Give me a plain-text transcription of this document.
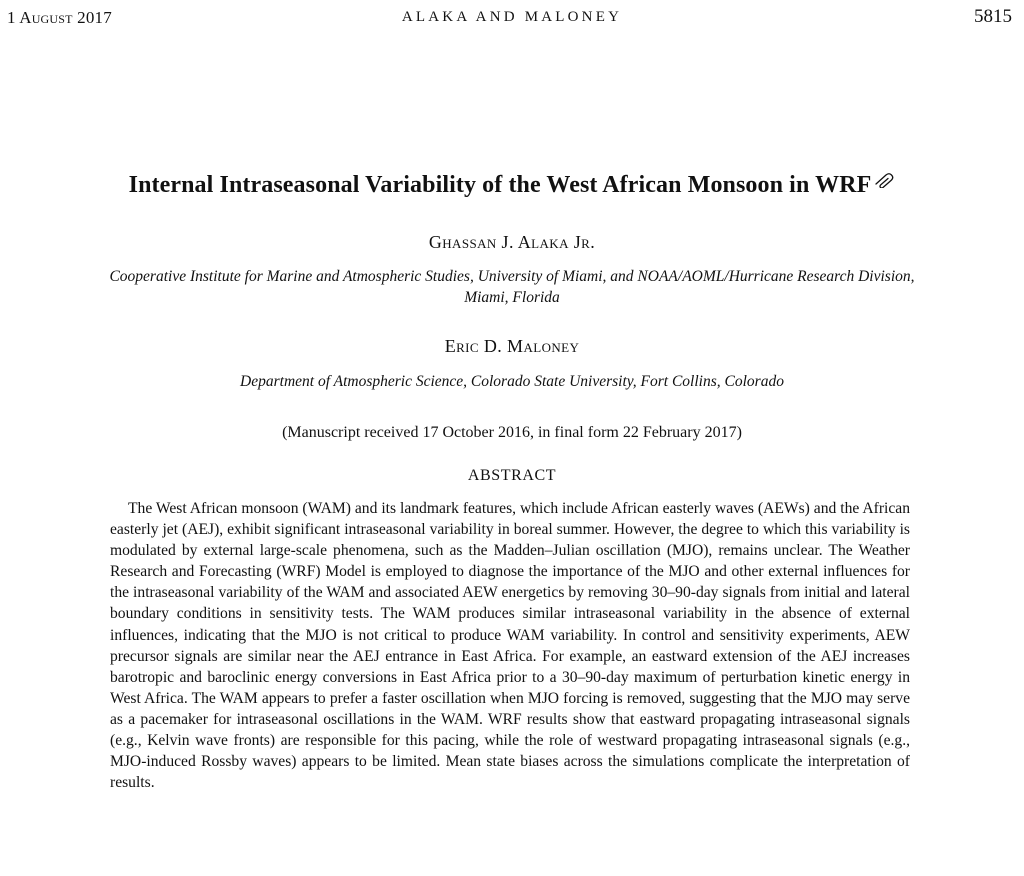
1 August 2017	ALAKA AND MALONEY	5815
Internal Intraseasonal Variability of the West African Monsoon in WRF
Ghassan J. Alaka Jr.
Cooperative Institute for Marine and Atmospheric Studies, University of Miami, and NOAA/AOML/Hurricane Research Division, Miami, Florida
Eric D. Maloney
Department of Atmospheric Science, Colorado State University, Fort Collins, Colorado
(Manuscript received 17 October 2016, in final form 22 February 2017)
ABSTRACT
The West African monsoon (WAM) and its landmark features, which include African easterly waves (AEWs) and the African easterly jet (AEJ), exhibit significant intraseasonal variability in boreal summer. However, the degree to which this variability is modulated by external large-scale phenomena, such as the Madden–Julian oscillation (MJO), remains unclear. The Weather Research and Forecasting (WRF) Model is employed to diagnose the importance of the MJO and other external influences for the intraseasonal variability of the WAM and associated AEW energetics by removing 30–90-day signals from initial and lateral boundary conditions in sensitivity tests. The WAM produces similar intraseasonal variability in the absence of external influences, indicating that the MJO is not critical to produce WAM variability. In control and sensitivity experiments, AEW precursor signals are similar near the AEJ entrance in East Africa. For example, an eastward extension of the AEJ increases barotropic and baroclinic energy conversions in East Africa prior to a 30–90-day maximum of perturbation kinetic energy in West Africa. The WAM appears to prefer a faster oscillation when MJO forcing is removed, suggesting that the MJO may serve as a pacemaker for intraseasonal oscillations in the WAM. WRF results show that eastward propagating intraseasonal signals (e.g., Kelvin wave fronts) are responsible for this pacing, while the role of westward propagating intraseasonal signals (e.g., MJO-induced Rossby waves) appears to be limited. Mean state biases across the simulations complicate the interpretation of results.
